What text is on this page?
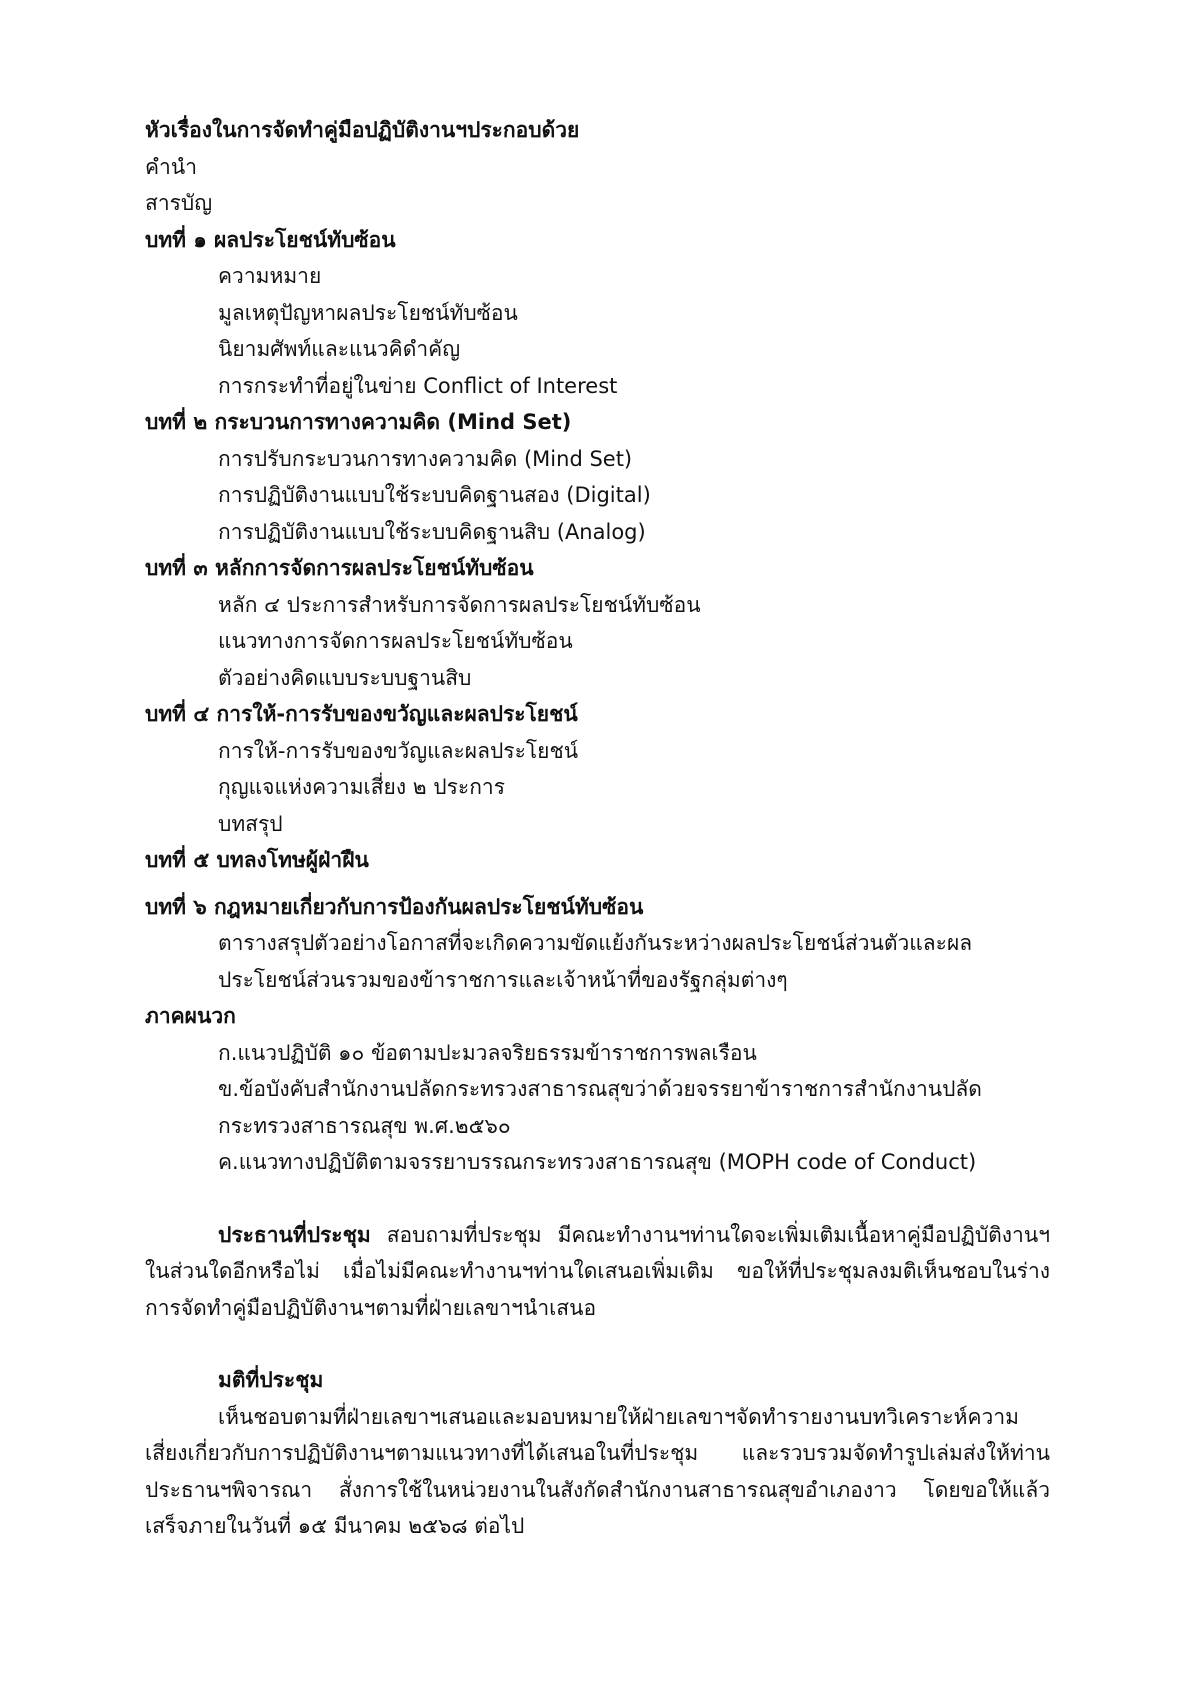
หัวเรื่องในการจัดทำคู่มือปฏิบัติงานฯประกอบด้วย
คำนำ
สารบัญ
บทที่ ๑ ผลประโยชน์ทับซ้อน
ความหมาย
มูลเหตุปัญหาผลประโยชน์ทับซ้อน
นิยามศัพท์และแนวคิดำคัญ
การกระทำที่อยู่ในข่าย Conflict of Interest
บทที่ ๒ กระบวนการทางความคิด (Mind Set)
การปรับกระบวนการทางความคิด (Mind Set)
การปฏิบัติงานแบบใช้ระบบคิดฐานสอง (Digital)
การปฏิบัติงานแบบใช้ระบบคิดฐานสิบ (Analog)
บทที่ ๓ หลักการจัดการผลประโยชน์ทับซ้อน
หลัก ๔ ประการสำหรับการจัดการผลประโยชน์ทับซ้อน
แนวทางการจัดการผลประโยชน์ทับซ้อน
ตัวอย่างคิดแบบระบบฐานสิบ
บทที่ ๔ การให้-การรับของขวัญและผลประโยชน์
การให้-การรับของขวัญและผลประโยชน์
กุญแจแห่งความเสี่ยง ๒ ประการ
บทสรุป
บทที่ ๕ บทลงโทษผู้ฝ่าฝืน
บทที่ ๖ กฎหมายเกี่ยวกับการป้องกันผลประโยชน์ทับซ้อน
ตารางสรุปตัวอย่างโอกาสที่จะเกิดความขัดแย้งกันระหว่างผลประโยชน์ส่วนตัวและผลประโยชน์ส่วนรวมของข้าราชการและเจ้าหน้าที่ของรัฐกลุ่มต่างๆ
ภาคผนวก
ก.แนวปฏิบัติ ๑๐ ข้อตามปะมวลจริยธรรมข้าราชการพลเรือน
ข.ข้อบังคับสำนักงานปลัดกระทรวงสาธารณสุขว่าด้วยจรรยาข้าราชการสำนักงานปลัดกระทรวงสาธารณสุข พ.ศ.๒๕๖๐
ค.แนวทางปฏิบัติตามจรรยาบรรณกระทรวงสาธารณสุข (MOPH code of Conduct)
ประธานที่ประชุม สอบถามที่ประชุม มีคณะทำงานฯท่านใดจะเพิ่มเติมเนื้อหาคู่มือปฏิบัติงานฯในส่วนใดอีกหรือไม่ เมื่อไม่มีคณะทำงานฯท่านใดเสนอเพิ่มเติม ขอให้ที่ประชุมลงมติเห็นชอบในร่างการจัดทำคู่มือปฏิบัติงานฯตามที่ฝ่ายเลขาฯนำเสนอ
มติที่ประชุม
เห็นชอบตามที่ฝ่ายเลขาฯเสนอและมอบหมายให้ฝ่ายเลขาฯจัดทำรายงานบทวิเคราะห์ความเสี่ยงเกี่ยวกับการปฏิบัติงานฯตามแนวทางที่ได้เสนอในที่ประชุม และรวบรวมจัดทำรูปเล่มส่งให้ท่านประธานฯพิจารณา สั่งการใช้ในหน่วยงานในสังกัดสำนักงานสาธารณสุขอำเภองาว โดยขอให้แล้วเสร็จภายในวันที่ ๑๕ มีนาคม ๒๕๖๘ ต่อไป
